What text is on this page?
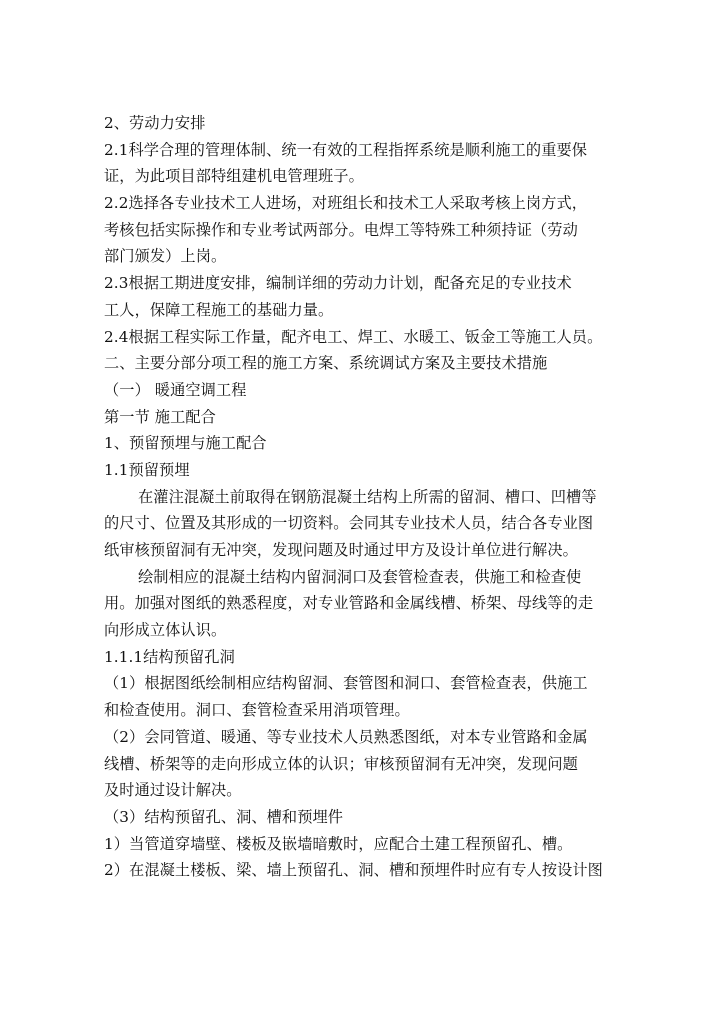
2、劳动力安排
2.1科学合理的管理体制、统一有效的工程指挥系统是顺利施工的重要保
证，为此项目部特组建机电管理班子。
2.2选择各专业技术工人进场，对班组长和技术工人采取考核上岗方式，
考核包括实际操作和专业考试两部分。电焊工等特殊工种须持证（劳动
部门颁发）上岗。
2.3根据工期进度安排，编制详细的劳动力计划，配备充足的专业技术
工人，保障工程施工的基础力量。
2.4根据工程实际工作量，配齐电工、焊工、水暖工、钣金工等施工人员。
二、主要分部分项工程的施工方案、系统调试方案及主要技术措施
（一） 暖通空调工程
第一节 施工配合
1、预留预埋与施工配合
1.1预留预埋
在灌注混凝土前取得在钢筋混凝土结构上所需的留洞、槽口、凹槽等
的尺寸、位置及其形成的一切资料。会同其专业技术人员，结合各专业图
纸审核预留洞有无冲突，发现问题及时通过甲方及设计单位进行解决。
绘制相应的混凝土结构内留洞洞口及套管检查表，供施工和检查使
用。加强对图纸的熟悉程度，对专业管路和金属线槽、桥架、母线等的走
向形成立体认识。
1.1.1结构预留孔洞
（1）根据图纸绘制相应结构留洞、套管图和洞口、套管检查表，供施工
和检查使用。洞口、套管检查采用消项管理。
（2）会同管道、暖通、等专业技术人员熟悉图纸，对本专业管路和金属
线槽、桥架等的走向形成立体的认识；审核预留洞有无冲突，发现问题
及时通过设计解决。
（3）结构预留孔、洞、槽和预埋件
1）当管道穿墙壁、楼板及嵌墙暗敷时，应配合土建工程预留孔、槽。
2）在混凝土楼板、梁、墙上预留孔、洞、槽和预埋件时应有专人按设计图
